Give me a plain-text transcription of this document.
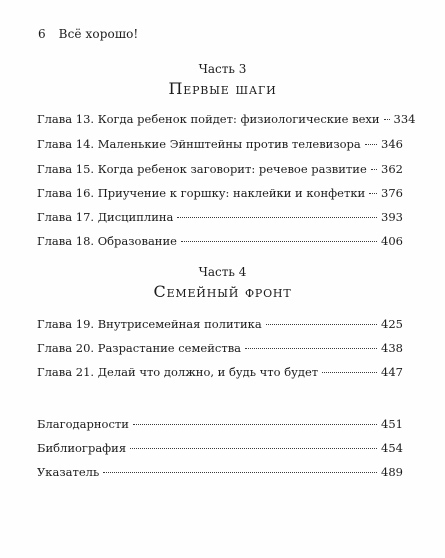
6 Всё хорошо!
Часть 3
Первые шаги
Глава 13. Когда ребенок пойдет: физиологические вехи 334
Глава 14. Маленькие Эйнштейны против телевизора 346
Глава 15. Когда ребенок заговорит: речевое развитие 362
Глава 16. Приучение к горшку: наклейки и конфетки 376
Глава 17. Дисциплина	393
Глава 18. Образование	406
Часть 4
Семейный фронт
Глава 19. Внутрисемейная политика	425
Глава 20. Разрастание семейства	438
Глава 21. Делай что должно, и будь что будет	447
Благодарности	451
Библиография	454
Указатель	489
